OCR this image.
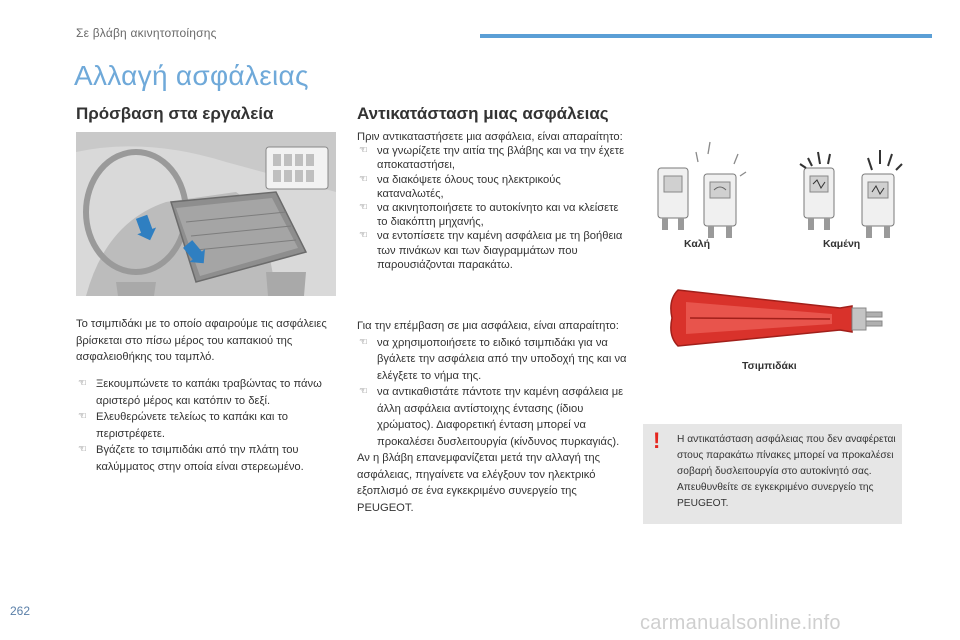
Σε βλάβη ακινητοποίησης
Αλλαγή ασφάλειας
Πρόσβαση στα εργαλεία	Αντικατάσταση μιας ασφάλειας
Το τσιμπιδάκι με το οποίο αφαιρούμε τις ασφάλειες βρίσκεται στο πίσω μέρος του καπακιού της ασφαλειοθήκης του ταμπλό.
☜ Ξεκουμπώνετε το καπάκι τραβώντας το πάνω αριστερό μέρος και κατόπιν το δεξί.
☜ Ελευθερώνετε τελείως το καπάκι και το περιστρέφετε.
☜ Βγάζετε το τσιμπιδάκι από την πλάτη του καλύμματος στην οποία είναι στερεωμένο.
Πριν αντικαταστήσετε μια ασφάλεια, είναι απαραίτητο:
☜ να γνωρίζετε την αιτία της βλάβης και να την έχετε αποκαταστήσει,
☜ να διακόψετε όλους τους ηλεκτρικούς καταναλωτές,
☜ να ακινητοποιήσετε το αυτοκίνητο και να κλείσετε το διακόπτη μηχανής,
☜ να εντοπίσετε την καμένη ασφάλεια με τη βοήθεια των πινάκων και των διαγραμμάτων που παρουσιάζονται παρακάτω.
Για την επέμβαση σε μια ασφάλεια, είναι απαραίτητο:
☜ να χρησιμοποιήσετε το ειδικό τσιμπιδάκι για να βγάλετε την ασφάλεια από την υποδοχή της και να ελέγξετε το νήμα της.
☜ να αντικαθιστάτε πάντοτε την καμένη ασφάλεια με άλλη ασφάλεια αντίστοιχης έντασης (ίδιου χρώματος). Διαφορετική ένταση μπορεί να προκαλέσει δυσλειτουργία (κίνδυνος πυρκαγιάς).
Αν η βλάβη επανεμφανίζεται μετά την αλλαγή της ασφάλειας, πηγαίνετε να ελέγξουν τον ηλεκτρικό εξοπλισμό σε ένα εγκεκριμένο συνεργείο της PEUGEOT.
Καλή	Καμένη
Τσιμπιδάκι
! Η αντικατάσταση ασφάλειας που δεν αναφέρεται στους παρακάτω πίνακες μπορεί να προκαλέσει σοβαρή δυσλειτουργία στο αυτοκίνητό σας. Απευθυνθείτε σε εγκεκριμένο συνεργείο της PEUGEOT.
262
carmanualsonline.info
